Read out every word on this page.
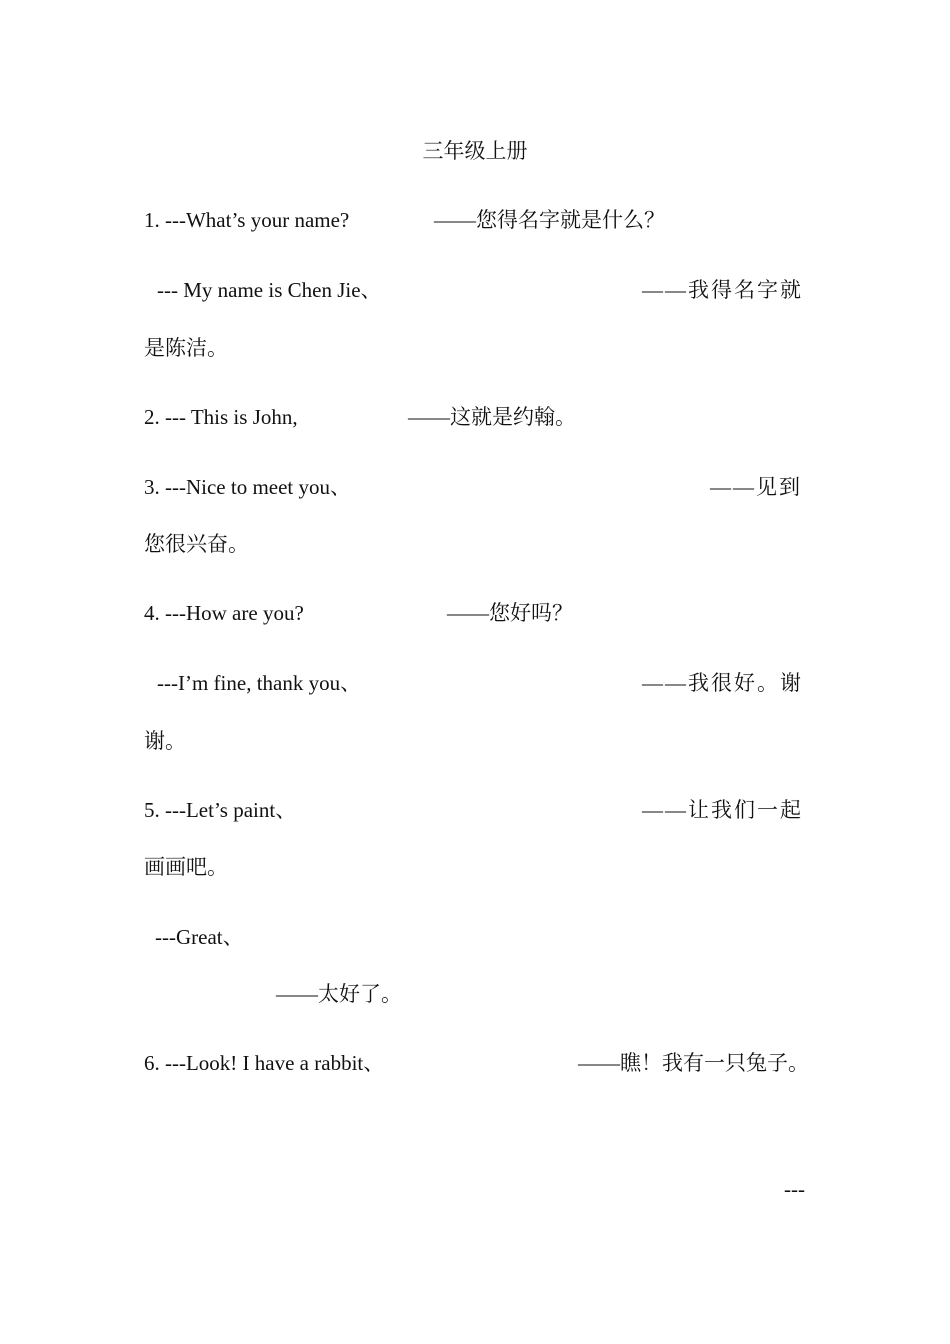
三年级上册
1. ---What’s your name?	——您得名字就是什么？
--- My name is Chen Jie、	——我得名字就
是陈洁。
2. --- This is John,	——这就是约翰。
3. ---Nice to meet you、	——见到
您很兴奋。
4. ---How are you?	——您好吗？
---I’m fine, thank you、	——我很好。谢
谢。
5. ---Let’s paint、	——让我们一起
画画吧。
---Great、
——太好了。
6. ---Look! I have a rabbit、	——瞧！我有一只兔子。
---
